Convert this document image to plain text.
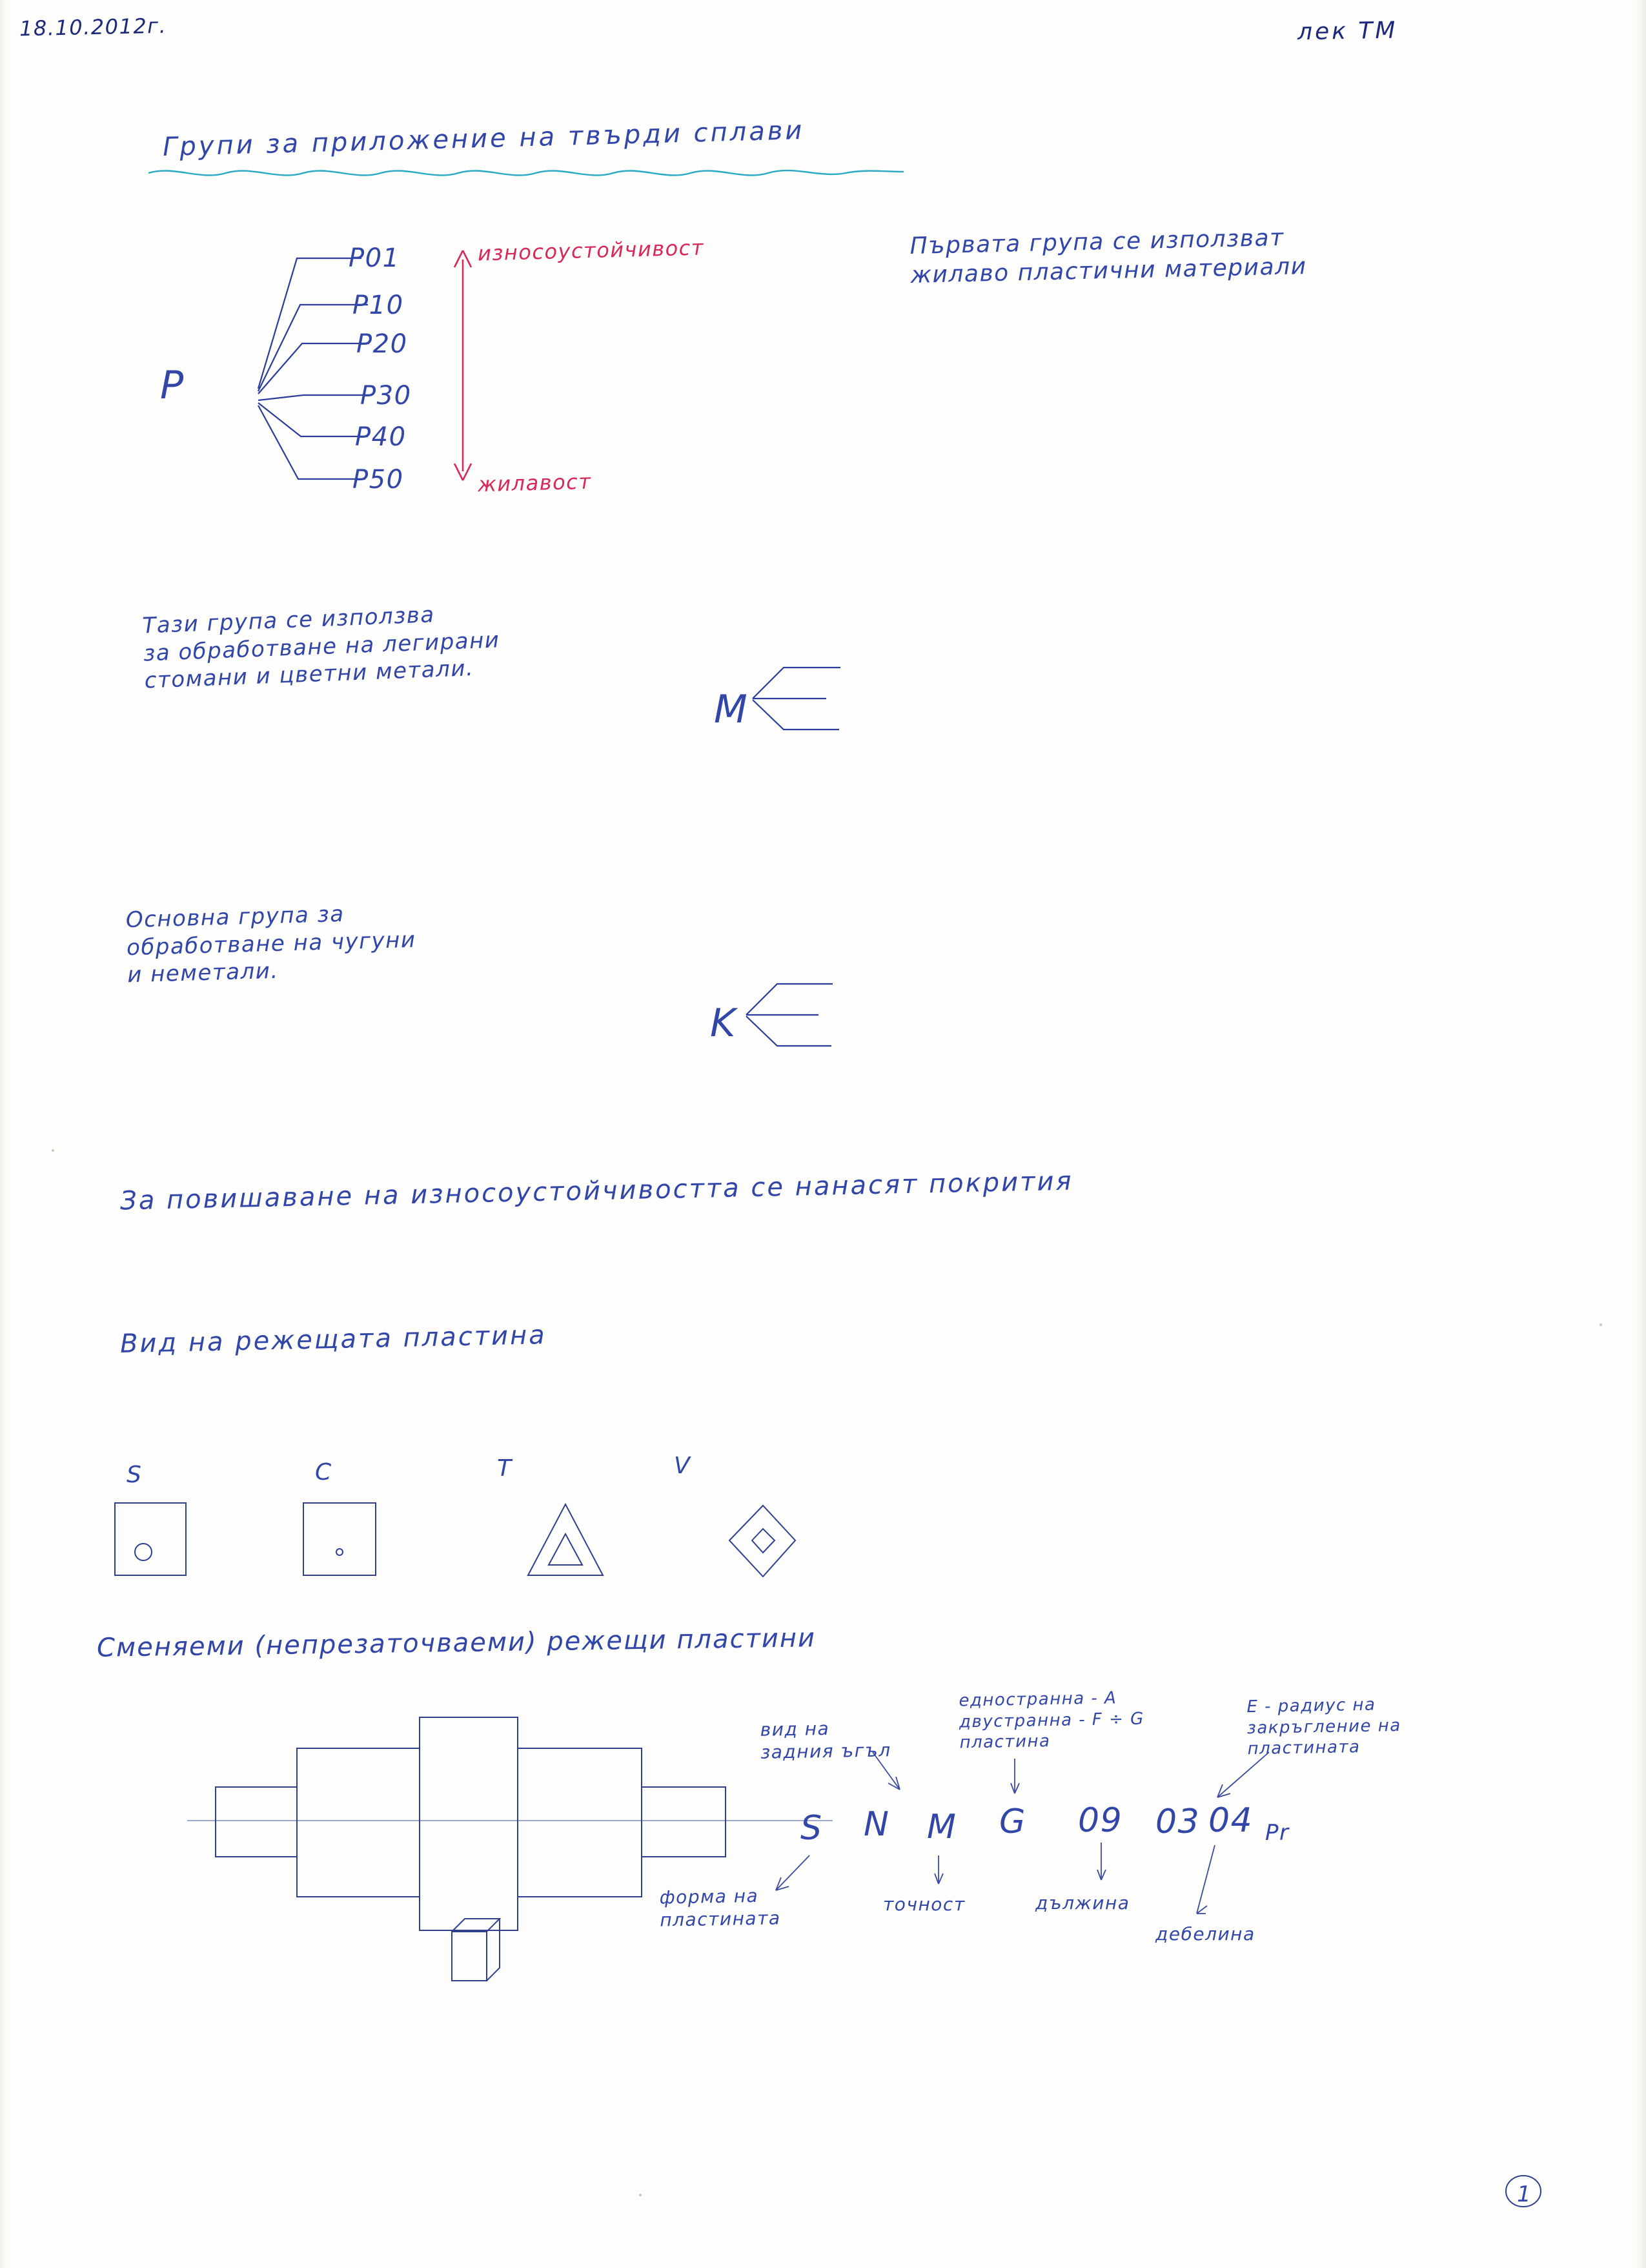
18.10.2012г.	лек ТМ
Групи за приложение на твърди сплави
P
P01
P10
P20
P30
P40
P50
износоустойчивост
жилавост
Първата група се използват
жилаво пластични материали
Тази група се използва
за обработване на легирани
стомани и цветни метали.
M
Основна група за
обработване на чугуни
и неметали.
K
За повишаване на износоустойчивостта се нанасят покрития
Вид на режещата пластина
S	C	T	V
Сменяеми (непрезаточваеми) режещи пластини
S N M G 09 03 04 Pr
вид на
задния ъгъл
едностранна - А
двустранна - F ÷ G
пластина
E - радиус на
закръгление на
пластината
форма на
пластината
точност	дължина
дебелина
1
